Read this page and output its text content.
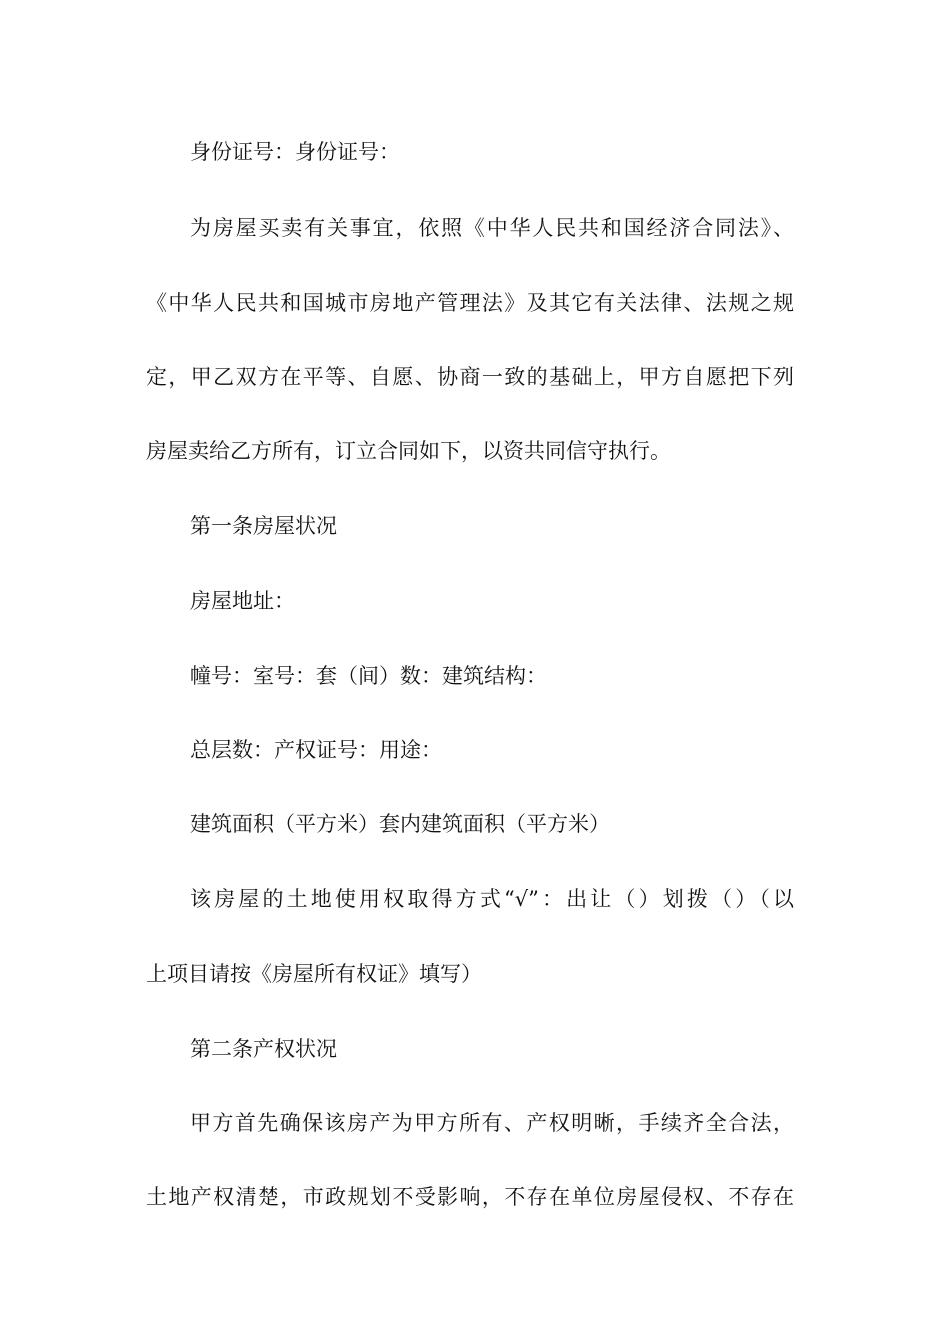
身份证号：身份证号：
为房屋买卖有关事宜，依照《中华人民共和国经济合同法》、
《中华人民共和国城市房地产管理法》及其它有关法律、法规之规
定，甲乙双方在平等、自愿、协商一致的基础上，甲方自愿把下列
房屋卖给乙方所有，订立合同如下，以资共同信守执行。
第一条房屋状况
房屋地址：
幢号：室号：套（间）数：建筑结构：
总层数：产权证号：用途：
建筑面积（平方米）套内建筑面积（平方米）
该房屋的土地使用权取得方式“√”：出让（）划拨（）（以
上项目请按《房屋所有权证》填写）
第二条产权状况
甲方首先确保该房产为甲方所有、产权明晰，手续齐全合法，
土地产权清楚，市政规划不受影响，不存在单位房屋侵权、不存在
